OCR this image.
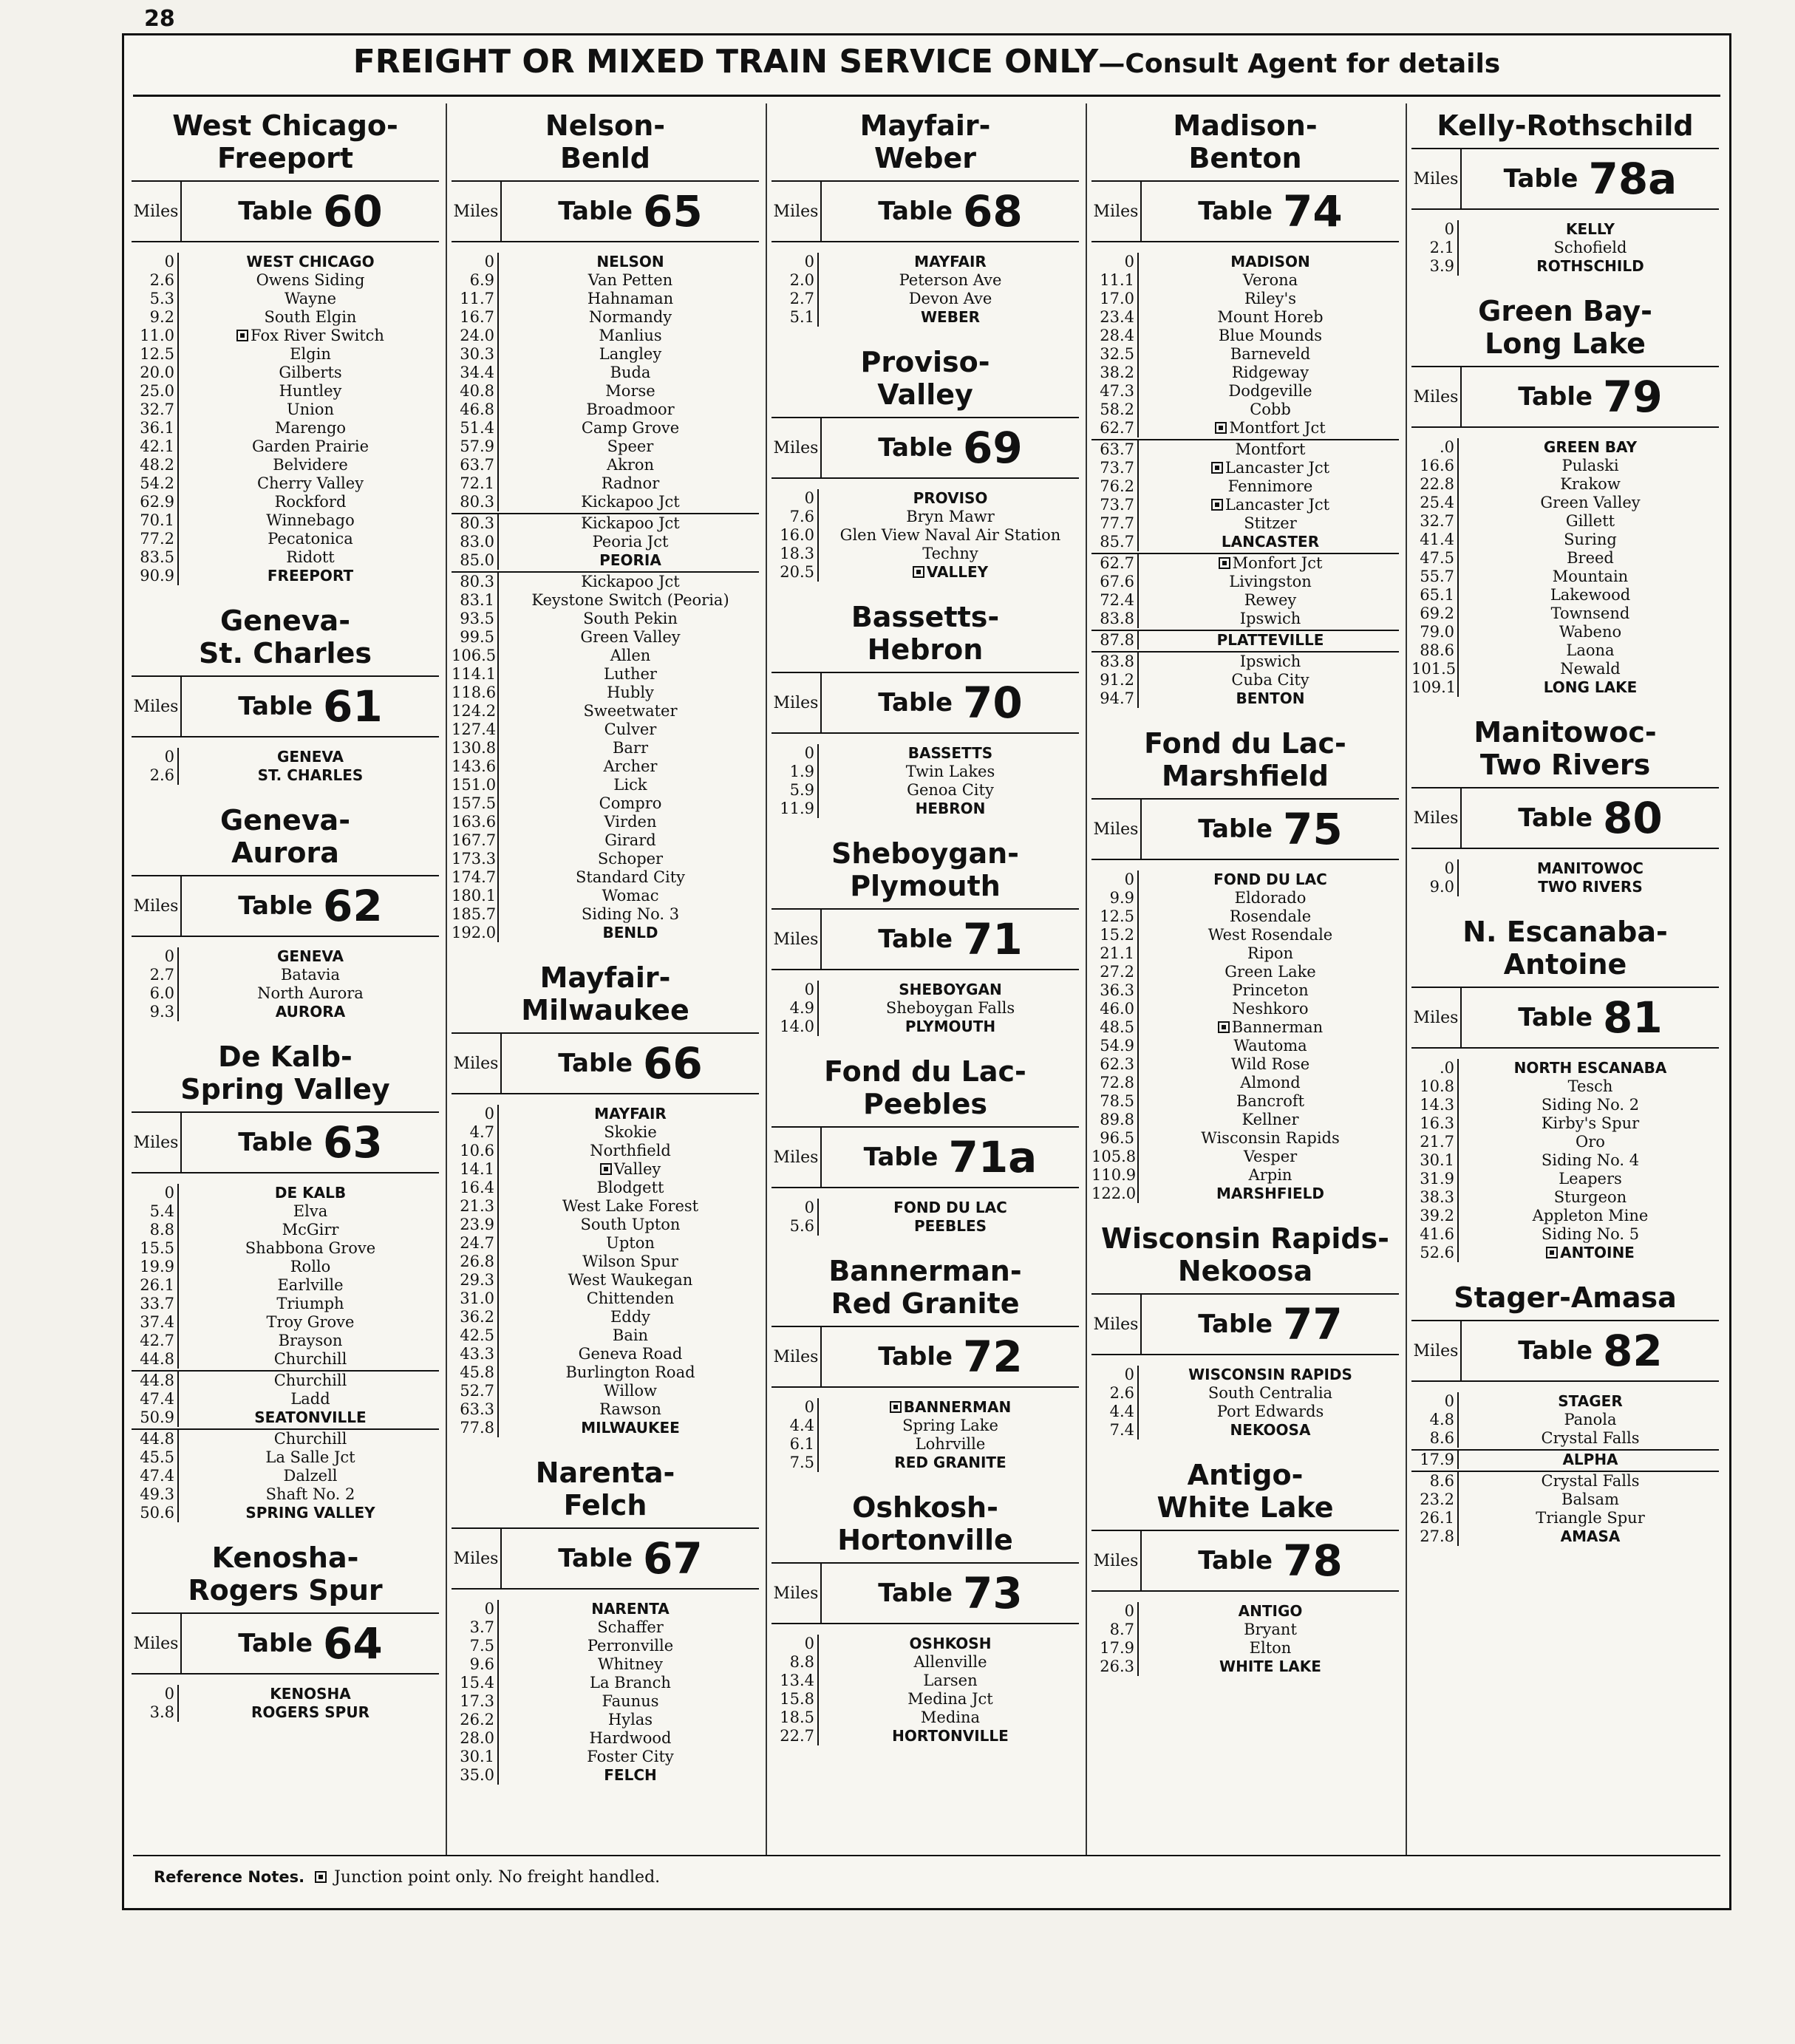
28
FREIGHT OR MIXED TRAIN SERVICE ONLY—Consult Agent for details
West Chicago-
Freeport
Miles Table 60
0	WEST CHICAGO
2.6	Owens Siding
5.3	Wayne
9.2	South Elgin
11.0	Fox River Switch
12.5	Elgin
20.0	Gilberts
25.0	Huntley
32.7	Union
36.1	Marengo
42.1	Garden Prairie
48.2	Belvidere
54.2	Cherry Valley
62.9	Rockford
70.1	Winnebago
77.2	Pecatonica
83.5	Ridott
90.9	FREEPORT
Geneva-
St. Charles
Miles Table 61
0	GENEVA
2.6	ST. CHARLES
Geneva-
Aurora
Miles Table 62
0	GENEVA
2.7	Batavia
6.0	North Aurora
9.3	AURORA
De Kalb-
Spring Valley
Miles Table 63
0	DE KALB
5.4	Elva
8.8	McGirr
15.5	Shabbona Grove
19.9	Rollo
26.1	Earlville
33.7	Triumph
37.4	Troy Grove
42.7	Brayson
44.8	Churchill
44.8	Churchill
47.4	Ladd
50.9	SEATONVILLE
44.8	Churchill
45.5	La Salle Jct
47.4	Dalzell
49.3	Shaft No. 2
50.6	SPRING VALLEY
Kenosha-
Rogers Spur
Miles Table 64
0	KENOSHA
3.8	ROGERS SPUR
Nelson-
Benld
Miles Table 65
0	NELSON
6.9	Van Petten
11.7	Hahnaman
16.7	Normandy
24.0	Manlius
30.3	Langley
34.4	Buda
40.8	Morse
46.8	Broadmoor
51.4	Camp Grove
57.9	Speer
63.7	Akron
72.1	Radnor
80.3	Kickapoo Jct
80.3	Kickapoo Jct
83.0	Peoria Jct
85.0	PEORIA
80.3	Kickapoo Jct
83.1	Keystone Switch (Peoria)
93.5	South Pekin
99.5	Green Valley
106.5	Allen
114.1	Luther
118.6	Hubly
124.2	Sweetwater
127.4	Culver
130.8	Barr
143.6	Archer
151.0	Lick
157.5	Compro
163.6	Virden
167.7	Girard
173.3	Schoper
174.7	Standard City
180.1	Womac
185.7	Siding No. 3
192.0	BENLD
Mayfair-
Milwaukee
Miles Table 66
0	MAYFAIR
4.7	Skokie
10.6	Northfield
14.1	Valley
16.4	Blodgett
21.3	West Lake Forest
23.9	South Upton
24.7	Upton
26.8	Wilson Spur
29.3	West Waukegan
31.0	Chittenden
36.2	Eddy
42.5	Bain
43.3	Geneva Road
45.8	Burlington Road
52.7	Willow
63.3	Rawson
77.8	MILWAUKEE
Narenta-
Felch
Miles Table 67
0	NARENTA
3.7	Schaffer
7.5	Perronville
9.6	Whitney
15.4	La Branch
17.3	Faunus
26.2	Hylas
28.0	Hardwood
30.1	Foster City
35.0	FELCH
Mayfair-
Weber
Miles Table 68
0	MAYFAIR
2.0	Peterson Ave
2.7	Devon Ave
5.1	WEBER
Proviso-
Valley
Miles Table 69
0	PROVISO
7.6	Bryn Mawr
16.0	Glen View Naval Air Station
18.3	Techny
20.5	VALLEY
Bassetts-
Hebron
Miles Table 70
0	BASSETTS
1.9	Twin Lakes
5.9	Genoa City
11.9	HEBRON
Sheboygan-
Plymouth
Miles Table 71
0	SHEBOYGAN
4.9	Sheboygan Falls
14.0	PLYMOUTH
Fond du Lac-
Peebles
Miles Table 71a
0	FOND DU LAC
5.6	PEEBLES
Bannerman-
Red Granite
Miles Table 72
0	BANNERMAN
4.4	Spring Lake
6.1	Lohrville
7.5	RED GRANITE
Oshkosh-
Hortonville
Miles Table 73
0	OSHKOSH
8.8	Allenville
13.4	Larsen
15.8	Medina Jct
18.5	Medina
22.7	HORTONVILLE
Madison-
Benton
Miles Table 74
0	MADISON
11.1	Verona
17.0	Riley's
23.4	Mount Horeb
28.4	Blue Mounds
32.5	Barneveld
38.2	Ridgeway
47.3	Dodgeville
58.2	Cobb
62.7	Montfort Jct
63.7	Montfort
73.7	Lancaster Jct
76.2	Fennimore
73.7	Lancaster Jct
77.7	Stitzer
85.7	LANCASTER
62.7	Monfort Jct
67.6	Livingston
72.4	Rewey
83.8	Ipswich
87.8	PLATTEVILLE
83.8	Ipswich
91.2	Cuba City
94.7	BENTON
Fond du Lac-
Marshfield
Miles Table 75
0	FOND DU LAC
9.9	Eldorado
12.5	Rosendale
15.2	West Rosendale
21.1	Ripon
27.2	Green Lake
36.3	Princeton
46.0	Neshkoro
48.5	Bannerman
54.9	Wautoma
62.3	Wild Rose
72.8	Almond
78.5	Bancroft
89.8	Kellner
96.5	Wisconsin Rapids
105.8	Vesper
110.9	Arpin
122.0	MARSHFIELD
Wisconsin Rapids-
Nekoosa
Miles Table 77
0	WISCONSIN RAPIDS
2.6	South Centralia
4.4	Port Edwards
7.4	NEKOOSA
Antigo-
White Lake
Miles Table 78
0	ANTIGO
8.7	Bryant
17.9	Elton
26.3	WHITE LAKE
Kelly-Rothschild
Miles Table 78a
0	KELLY
2.1	Schofield
3.9	ROTHSCHILD
Green Bay-
Long Lake
Miles Table 79
.0	GREEN BAY
16.6	Pulaski
22.8	Krakow
25.4	Green Valley
32.7	Gillett
41.4	Suring
47.5	Breed
55.7	Mountain
65.1	Lakewood
69.2	Townsend
79.0	Wabeno
88.6	Laona
101.5	Newald
109.1	LONG LAKE
Manitowoc-
Two Rivers
Miles Table 80
0	MANITOWOC
9.0	TWO RIVERS
N. Escanaba-Antoine
Miles Table 81
.0	NORTH ESCANABA
10.8	Tesch
14.3	Siding No. 2
16.3	Kirby's Spur
21.7	Oro
30.1	Siding No. 4
31.9	Leapers
38.3	Sturgeon
39.2	Appleton Mine
41.6	Siding No. 5
52.6	ANTOINE
Stager-Amasa
Miles Table 82
0	STAGER
4.8	Panola
8.6	Crystal Falls
17.9	ALPHA
8.6	Crystal Falls
23.2	Balsam
26.1	Triangle Spur
27.8	AMASA
Reference Notes. Junction point only. No freight handled.
